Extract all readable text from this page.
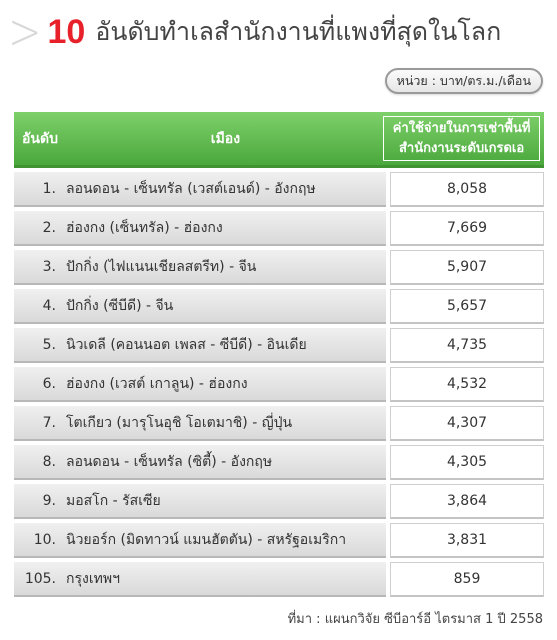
> 10 อันดับทำเลสำนักงานที่แพงที่สุดในโลก
หน่วย : บาท/ตร.ม./เดือน
อันดับ	เมือง
ค่าใช้จ่ายในการเช่าพื้นที่
สำนักงานระดับเกรดเอ
1. ลอนดอน - เซ็นทรัล (เวสต์เอนด์) - อังกฤษ	8,058
2. ฮ่องกง (เซ็นทรัล) - ฮ่องกง	7,669
3. ปักกิ่ง (ไฟแนนเชียลสตรีท) - จีน	5,907
4. ปักกิ่ง (ซีบีดี) - จีน	5,657
5. นิวเดลี (คอนนอต เพลส - ซีบีดี) - อินเดีย	4,735
6. ฮ่องกง (เวสต์ เกาลูน) - ฮ่องกง	4,532
7. โตเกียว (มารุโนอุชิ โอเตมาชิ) - ญี่ปุ่น	4,307
8. ลอนดอน - เซ็นทรัล (ซิตี้) - อังกฤษ	4,305
9. มอสโก - รัสเซีย	3,864
10. นิวยอร์ก (มิดทาวน์ แมนฮัตตัน) - สหรัฐอเมริกา	3,831
105. กรุงเทพฯ	859
ที่มา : แผนกวิจัย ซีบีอาร์อี ไตรมาส 1 ปี 2558
